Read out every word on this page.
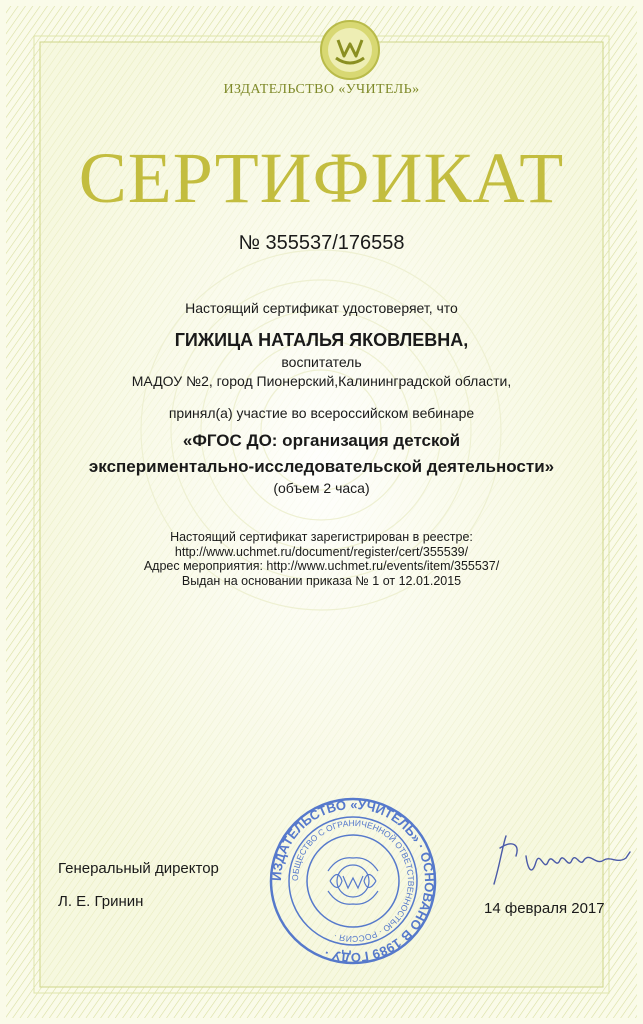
ИЗДАТЕЛЬСТВО «УЧИТЕЛЬ»
СЕРТИФИКАТ
№ 355537/176558
Настоящий сертификат удостоверяет, что
ГИЖИЦА НАТАЛЬЯ ЯКОВЛЕВНА,
воспитатель
МАДОУ №2, город Пионерский,Калининградской области,
принял(а) участие во всероссийском вебинаре
«ФГОС ДО: организация детской
экспериментально-исследовательской деятельности»
(объем 2 часа)
Настоящий сертификат зарегистрирован в реестре:
http://www.uchmet.ru/document/register/cert/355539/
Адрес мероприятия: http://www.uchmet.ru/events/item/355537/
Выдан на основании приказа № 1 от 12.01.2015
Генеральный директор
Л. Е. Гринин
ИЗДАТЕЛЬСТВО «УЧИТЕЛЬ» · ОСНОВАНО В 1989 ГОДУ ·
ОБЩЕСТВО С ОГРАНИЧЕННОЙ ОТВЕТСТВЕННОСТЬЮ · РОССИЯ ·
14 февраля 2017
